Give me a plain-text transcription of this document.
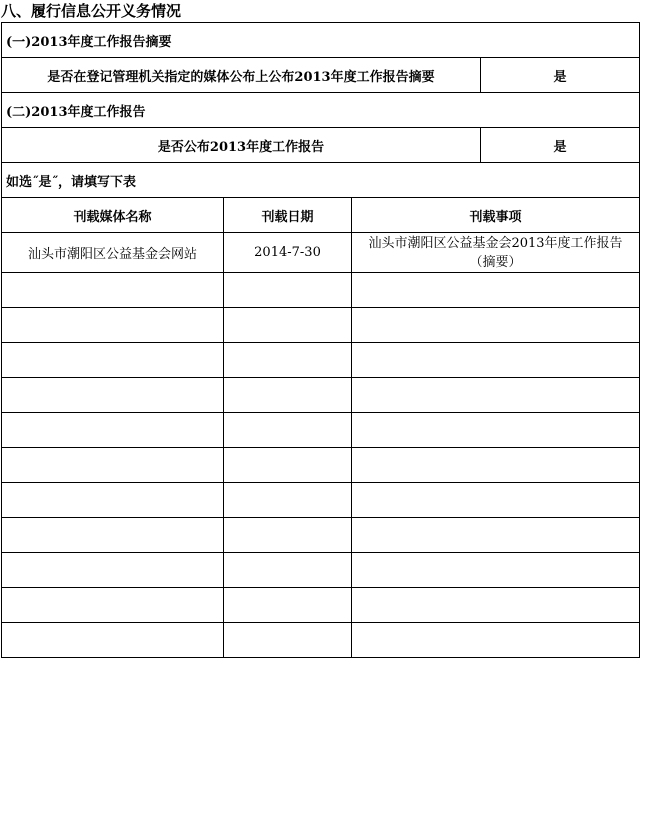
八、履行信息公开义务情况
(一)2013年度工作报告摘要			
是否在登记管理机关指定的媒体公布上公布2013年度工作报告摘要			是
(二)2013年度工作报告			
是否公布2013年度工作报告			是
如选˝是˝，请填写下表			
刊载媒体名称	刊载日期	刊载事项	
汕头市潮阳区公益基金会网站	2014-7-30	汕头市潮阳区公益基金会2013年度工作报告（摘要）	
